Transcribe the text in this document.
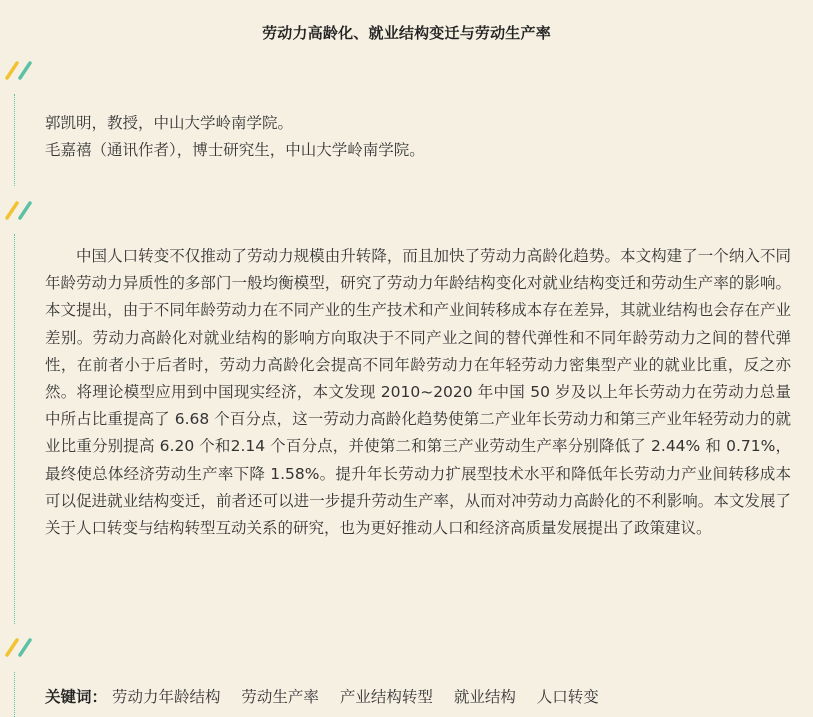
劳动力高龄化、就业结构变迁与劳动生产率
郭凯明，教授，中山大学岭南学院。
毛嘉禧（通讯作者），博士研究生，中山大学岭南学院。
中国人口转变不仅推动了劳动力规模由升转降，而且加快了劳动力高龄化趋势。本文构建了一个纳入不同年龄劳动力异质性的多部门一般均衡模型，研究了劳动力年龄结构变化对就业结构变迁和劳动生产率的影响。本文提出，由于不同年龄劳动力在不同产业的生产技术和产业间转移成本存在差异，其就业结构也会存在产业差别。劳动力高龄化对就业结构的影响方向取决于不同产业之间的替代弹性和不同年龄劳动力之间的替代弹性，在前者小于后者时，劳动力高龄化会提高不同年龄劳动力在年轻劳动力密集型产业的就业比重，反之亦然。将理论模型应用到中国现实经济，本文发现 2010~2020 年中国 50 岁及以上年长劳动力在劳动力总量中所占比重提高了 6.68 个百分点，这一劳动力高龄化趋势使第二产业年长劳动力和第三产业年轻劳动力的就业比重分别提高 6.20 个和2.14 个百分点，并使第二和第三产业劳动生产率分别降低了 2.44% 和 0.71%，最终使总体经济劳动生产率下降 1.58%。提升年长劳动力扩展型技术水平和降低年长劳动力产业间转移成本可以促进就业结构变迁，前者还可以进一步提升劳动生产率，从而对冲劳动力高龄化的不利影响。本文发展了关于人口转变与结构转型互动关系的研究，也为更好推动人口和经济高质量发展提出了政策建议。
关键词： 劳动力年龄结构 劳动生产率 产业结构转型 就业结构 人口转变
